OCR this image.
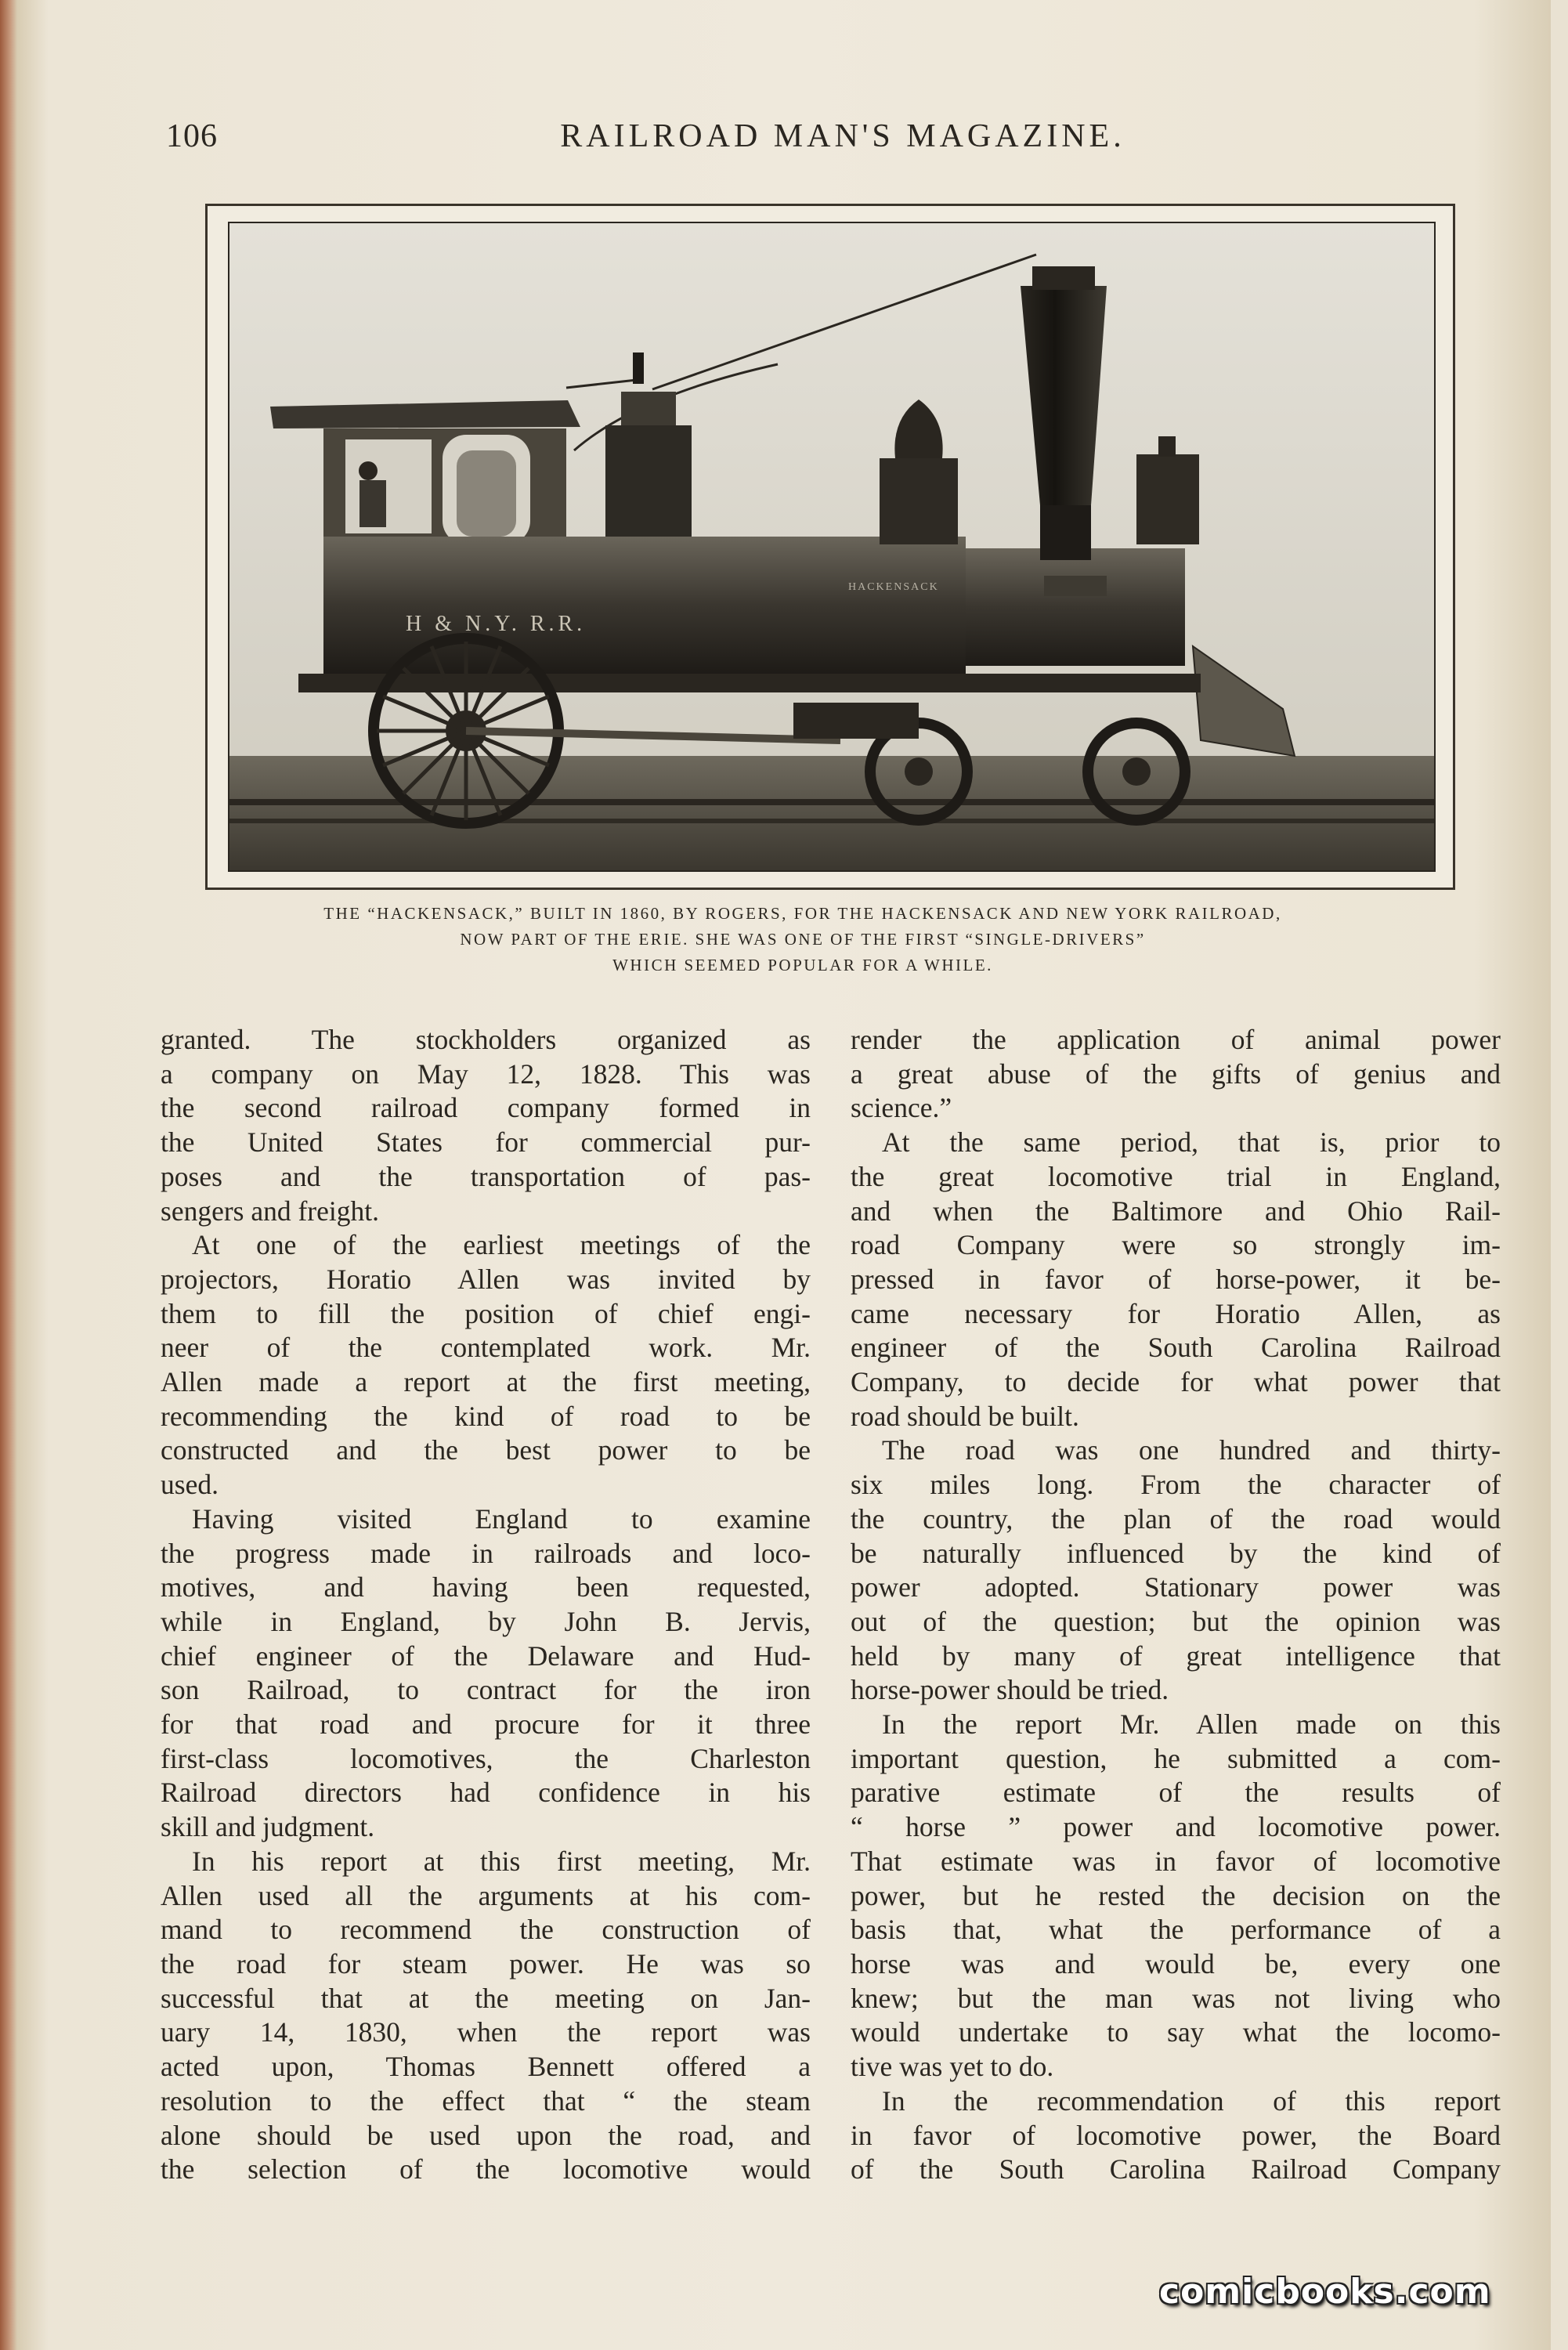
106	RAILROAD MAN'S MAGAZINE.
H & N.Y. R.R.
HACKENSACK
THE “HACKENSACK,” BUILT IN 1860, BY ROGERS, FOR THE HACKENSACK AND NEW YORK RAILROAD,
NOW PART OF THE ERIE. SHE WAS ONE OF THE FIRST “SINGLE-DRIVERS”
WHICH SEEMED POPULAR FOR A WHILE.
granted. The stockholders organized as
a company on May 12, 1828. This was
the second railroad company formed in
the United States for commercial pur-
poses and the transportation of pas-
sengers and freight.
At one of the earliest meetings of the
projectors, Horatio Allen was invited by
them to fill the position of chief engi-
neer of the contemplated work. Mr.
Allen made a report at the first meeting,
recommending the kind of road to be
constructed and the best power to be
used.
Having visited England to examine
the progress made in railroads and loco-
motives, and having been requested,
while in England, by John B. Jervis,
chief engineer of the Delaware and Hud-
son Railroad, to contract for the iron
for that road and procure for it three
first-class locomotives, the Charleston
Railroad directors had confidence in his
skill and judgment.
In his report at this first meeting, Mr.
Allen used all the arguments at his com-
mand to recommend the construction of
the road for steam power. He was so
successful that at the meeting on Jan-
uary 14, 1830, when the report was
acted upon, Thomas Bennett offered a
resolution to the effect that “ the steam
alone should be used upon the road, and
the selection of the locomotive would
render the application of animal power
a great abuse of the gifts of genius and
science.”
At the same period, that is, prior to
the great locomotive trial in England,
and when the Baltimore and Ohio Rail-
road Company were so strongly im-
pressed in favor of horse-power, it be-
came necessary for Horatio Allen, as
engineer of the South Carolina Railroad
Company, to decide for what power that
road should be built.
The road was one hundred and thirty-
six miles long. From the character of
the country, the plan of the road would
be naturally influenced by the kind of
power adopted. Stationary power was
out of the question; but the opinion was
held by many of great intelligence that
horse-power should be tried.
In the report Mr. Allen made on this
important question, he submitted a com-
parative estimate of the results of
“ horse ” power and locomotive power.
That estimate was in favor of locomotive
power, but he rested the decision on the
basis that, what the performance of a
horse was and would be, every one
knew; but the man was not living who
would undertake to say what the locomo-
tive was yet to do.
In the recommendation of this report
in favor of locomotive power, the Board
of the South Carolina Railroad Company
comicbooks.com
